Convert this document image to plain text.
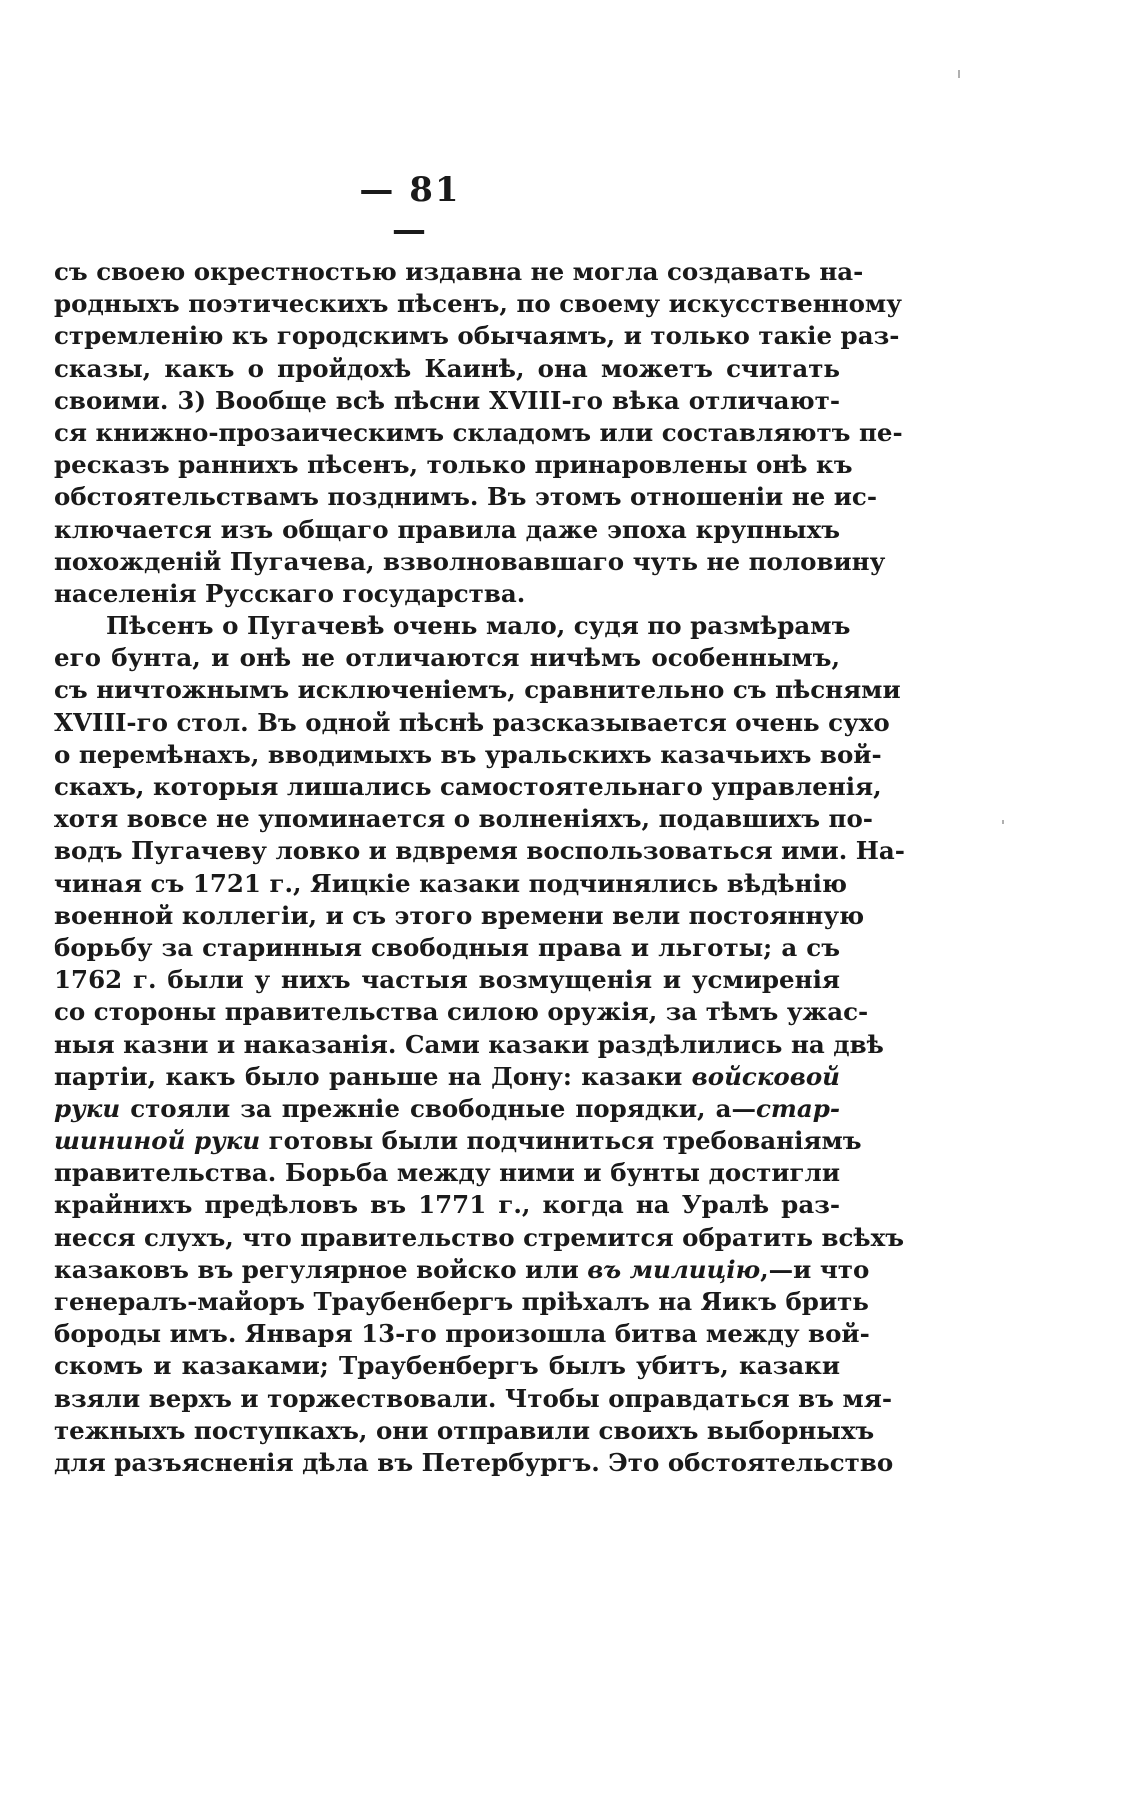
— 81 —
съ своею окрестностью издавна не могла создавать на-
родныхъ поэтическихъ пѣсенъ, по своему искусственному
стремленію къ городскимъ обычаямъ, и только такіе раз-
сказы, какъ о пройдохѣ Каинѣ, она можетъ считать
своими. 3) Вообще всѣ пѣсни XVIII-го вѣка отличают-
ся книжно-прозаическимъ складомъ или составляютъ пе-
ресказъ раннихъ пѣсенъ, только принаровлены онѣ къ
обстоятельствамъ позднимъ. Въ этомъ отношеніи не ис-
ключается изъ общаго правила даже эпоха крупныхъ
похожденій Пугачева, взволновавшаго чуть не половину
населенія Русскаго государства.
Пѣсенъ о Пугачевѣ очень мало, судя по размѣрамъ
его бунта, и онѣ не отличаются ничѣмъ особеннымъ,
съ ничтожнымъ исключеніемъ, сравнительно съ пѣснями
XVIII-го стол. Въ одной пѣснѣ разсказывается очень сухо
о перемѣнахъ, вводимыхъ въ уральскихъ казачьихъ вой-
скахъ, которыя лишались самостоятельнаго управленія,
хотя вовсе не упоминается о волненіяхъ, подавшихъ по-
водъ Пугачеву ловко и вдвремя воспользоваться ими. На-
чиная съ 1721 г., Яицкіе казаки подчинялись вѣдѣнію
военной коллегіи, и съ этого времени вели постоянную
борьбу за старинныя свободныя права и льготы; а съ
1762 г. были у нихъ частыя возмущенія и усмиренія
со стороны правительства силою оружія, за тѣмъ ужас-
ныя казни и наказанія. Сами казаки раздѣлились на двѣ
партіи, какъ было раньше на Дону: казаки войсковой
руки стояли за прежніе свободные порядки, а—стар-
шининой руки готовы были подчиниться требованіямъ
правительства. Борьба между ними и бунты достигли
крайнихъ предѣловъ въ 1771 г., когда на Уралѣ раз-
несся слухъ, что правительство стремится обратить всѣхъ
казаковъ въ регулярное войско или въ милицію,—и что
генералъ-майоръ Траубенбергъ пріѣхалъ на Яикъ брить
бороды имъ. Января 13-го произошла битва между вой-
скомъ и казаками; Траубенбергъ былъ убитъ, казаки
взяли верхъ и торжествовали. Чтобы оправдаться въ мя-
тежныхъ поступкахъ, они отправили своихъ выборныхъ
для разъясненія дѣла въ Петербургъ. Это обстоятельство
